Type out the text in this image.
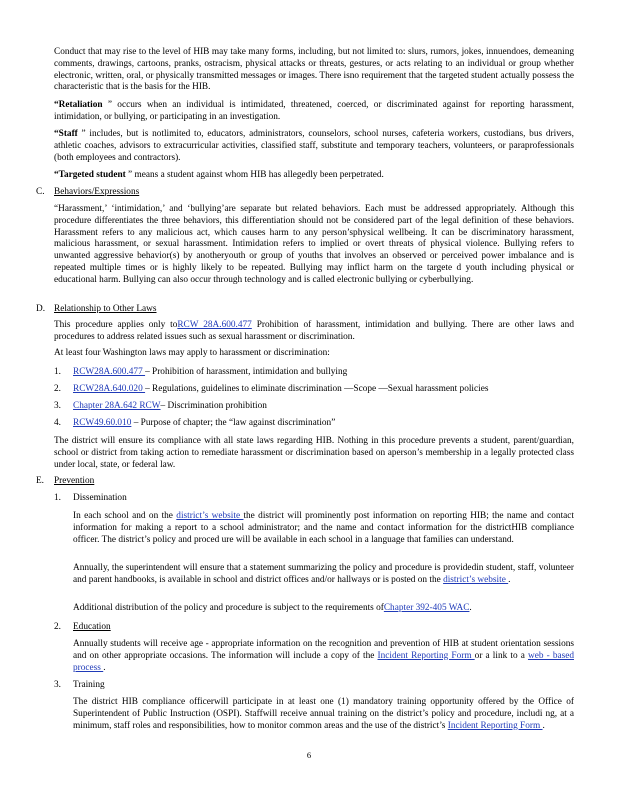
Conduct that may rise to the level of HIB may take many forms, including, but not limited to: slurs, rumors, jokes, innuendoes, demeaning comments, drawings, cartoons, pranks, ostracism, physical attacks or threats, gestures, or acts relating to an individual or group whether electronic, written, oral, or physically transmitted messages or images. There isno requirement that the targeted student actually possess the characteristic that is the basis for the HIB.

“Retaliation ” occurs when an individual is intimidated, threatened, coerced, or discriminated against for reporting harassment, intimidation, or bullying, or participating in an investigation.

“Staff ” includes, but is notlimited to, educators, administrators, counselors, school nurses, cafeteria workers, custodians, bus drivers, athletic coaches, advisors to extracurricular activities, classified staff, substitute and temporary teachers, volunteers, or paraprofessionals (both employees and contractors).

“Targeted student ” means a student against whom HIB has allegedly been perpetrated.

C.	Behaviors/Expressions

“Harassment,’ ‘intimidation,’ and ‘bullying’are separate but related behaviors. Each must be addressed appropriately. Although this procedure differentiates the three behaviors, this differentiation should not be considered part of the legal definition of these behaviors. Harassment refers to any malicious act, which causes harm to any person’sphysical wellbeing. It can be discriminatory harassment, malicious harassment, or sexual harassment. Intimidation refers to implied or overt threats of physical violence. Bullying refers to unwanted aggressive behavior(s) by anotheryouth or group of youths that involves an observed or perceived power imbalance and is repeated multiple times or is highly likely to be repeated. Bullying may inflict harm on the targete d youth including physical or educational harm. Bullying can also occur through technology and is called electronic bullying or cyberbullying.

D. Relationship to Other Laws

This procedure applies only toRCW 28A.600.477 Prohibition of harassment, intimidation and bullying. There are other laws and procedures to address related issues such as sexual harassment or discrimination.

At least four Washington laws may apply to harassment or discrimination:

1. RCW28A.600.477 – Prohibition of harassment, intimidation and bullying
2. RCW28A.640.020 – Regulations, guidelines to eliminate discrimination —Scope —Sexual harassment policies
3. Chapter 28A.642 RCW– Discrimination prohibition
4. RCW49.60.010 – Purpose of chapter; the “law against discrimination”

The district will ensure its compliance with all state laws regarding HIB. Nothing in this procedure prevents a student, parent/guardian, school or district from taking action to remediate harassment or discrimination based on aperson’s membership in a legally protected class under local, state, or federal law.

E.	Prevention
1. Dissemination

In each school and on the district’s website the district will prominently post information on reporting HIB; the name and contact information for making a report to a school administrator; and the name and contact information for the districtHIB compliance officer. The district’s policy and proced ure will be available in each school in a language that families can understand.

Annually, the superintendent will ensure that a statement summarizing the policy and procedure is providedin student, staff, volunteer and parent handbooks, is available in school and district offices and/or hallways or is posted on the district’s website .

Additional distribution of the policy and procedure is subject to the requirements ofChapter 392-405 WAC.

2. Education

Annually students will receive age - appropriate information on the recognition and prevention of HIB at student orientation sessions and on other appropriate occasions. The information will include a copy of the Incident Reporting Form or a link to a web - based process .

3. Training

The district HIB compliance officerwill participate in at least one (1) mandatory training opportunity offered by the Office of Superintendent of Public Instruction (OSPI). Staffwill receive annual training on the district’s policy and procedure, includi ng, at a minimum, staff roles and responsibilities, how to monitor common areas and the use of the district’s Incident Reporting Form .

6
